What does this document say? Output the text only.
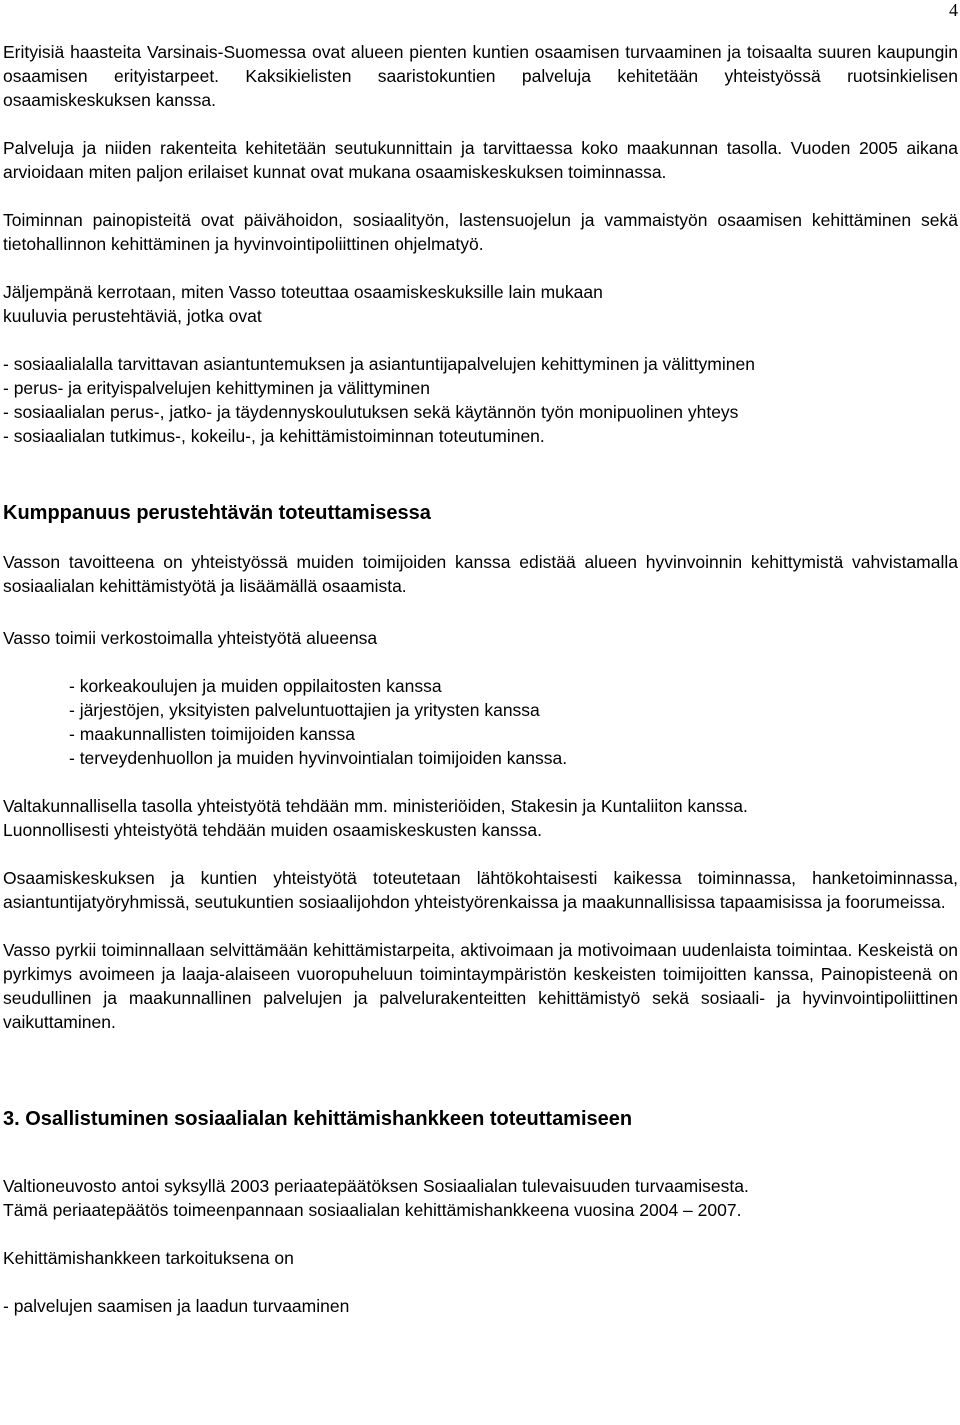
4

Erityisiä haasteita Varsinais-Suomessa ovat alueen pienten kuntien osaamisen turvaaminen ja toisaalta suuren kaupungin osaamisen erityistarpeet. Kaksikielisten saaristokuntien palveluja kehitetään yhteistyössä ruotsinkielisen osaamiskeskuksen kanssa.

Palveluja ja niiden rakenteita kehitetään seutukunnittain ja tarvittaessa koko maakunnan tasolla. Vuoden 2005 aikana arvioidaan miten paljon erilaiset kunnat ovat mukana osaamiskeskuksen toiminnassa.

Toiminnan painopisteitä ovat päivähoidon, sosiaalityön, lastensuojelun ja vammaistyön osaamisen kehittäminen sekä tietohallinnon kehittäminen ja hyvinvointipoliittinen ohjelmatyö.

Jäljempänä kerrotaan, miten Vasso toteuttaa osaamiskeskuksille lain mukaan

kuuluvia perustehtäviä, jotka ovat

- sosiaalialalla tarvittavan asiantuntemuksen ja asiantuntijapalvelujen kehittyminen ja välittyminen
- perus- ja erityispalvelujen kehittyminen ja välittyminen
- sosiaalialan perus-, jatko- ja täydennyskoulutuksen sekä käytännön työn monipuolinen yhteys
- sosiaalialan tutkimus-, kokeilu-, ja kehittämistoiminnan toteutuminen.
Kumppanuus perustehtävän toteuttamisessa

Vasson tavoitteena on yhteistyössä muiden toimijoiden kanssa edistää alueen hyvinvoinnin kehittymistä vahvistamalla sosiaalialan kehittämistyötä ja lisäämällä osaamista.

Vasso toimii verkostoimalla yhteistyötä alueensa

- korkeakoulujen ja muiden oppilaitosten kanssa
- järjestöjen, yksityisten palveluntuottajien ja yritysten kanssa
- maakunnallisten toimijoiden kanssa
- terveydenhuollon ja muiden hyvinvointialan toimijoiden kanssa.

Valtakunnallisella tasolla yhteistyötä tehdään mm. ministeriöiden, Stakesin ja Kuntaliiton kanssa.

Luonnollisesti yhteistyötä tehdään muiden osaamiskeskusten kanssa.

Osaamiskeskuksen ja kuntien yhteistyötä toteutetaan lähtökohtaisesti kaikessa toiminnassa, hanketoiminnassa, asiantuntijatyöryhmissä, seutukuntien sosiaalijohdon yhteistyörenkaissa ja maakunnallisissa tapaamisissa ja foorumeissa.

Vasso pyrkii toiminnallaan selvittämään kehittämistarpeita, aktivoimaan ja motivoimaan uudenlaista toimintaa. Keskeistä on pyrkimys avoimeen ja laaja-alaiseen vuoropuheluun toimintaympäristön keskeisten toimijoitten kanssa, Painopisteenä on seudullinen ja maakunnallinen palvelujen ja palvelurakenteitten kehittämistyö sekä sosiaali- ja hyvinvointipoliittinen vaikuttaminen.

3. Osallistuminen sosiaalialan kehittämishankkeen toteuttamiseen

Valtioneuvosto antoi syksyllä 2003 periaatepäätöksen Sosiaalialan tulevaisuuden turvaamisesta.

Tämä periaatepäätös toimeenpannaan sosiaalialan kehittämishankkeena vuosina 2004 – 2007.

Kehittämishankkeen tarkoituksena on

- palvelujen saamisen ja laadun turvaaminen
